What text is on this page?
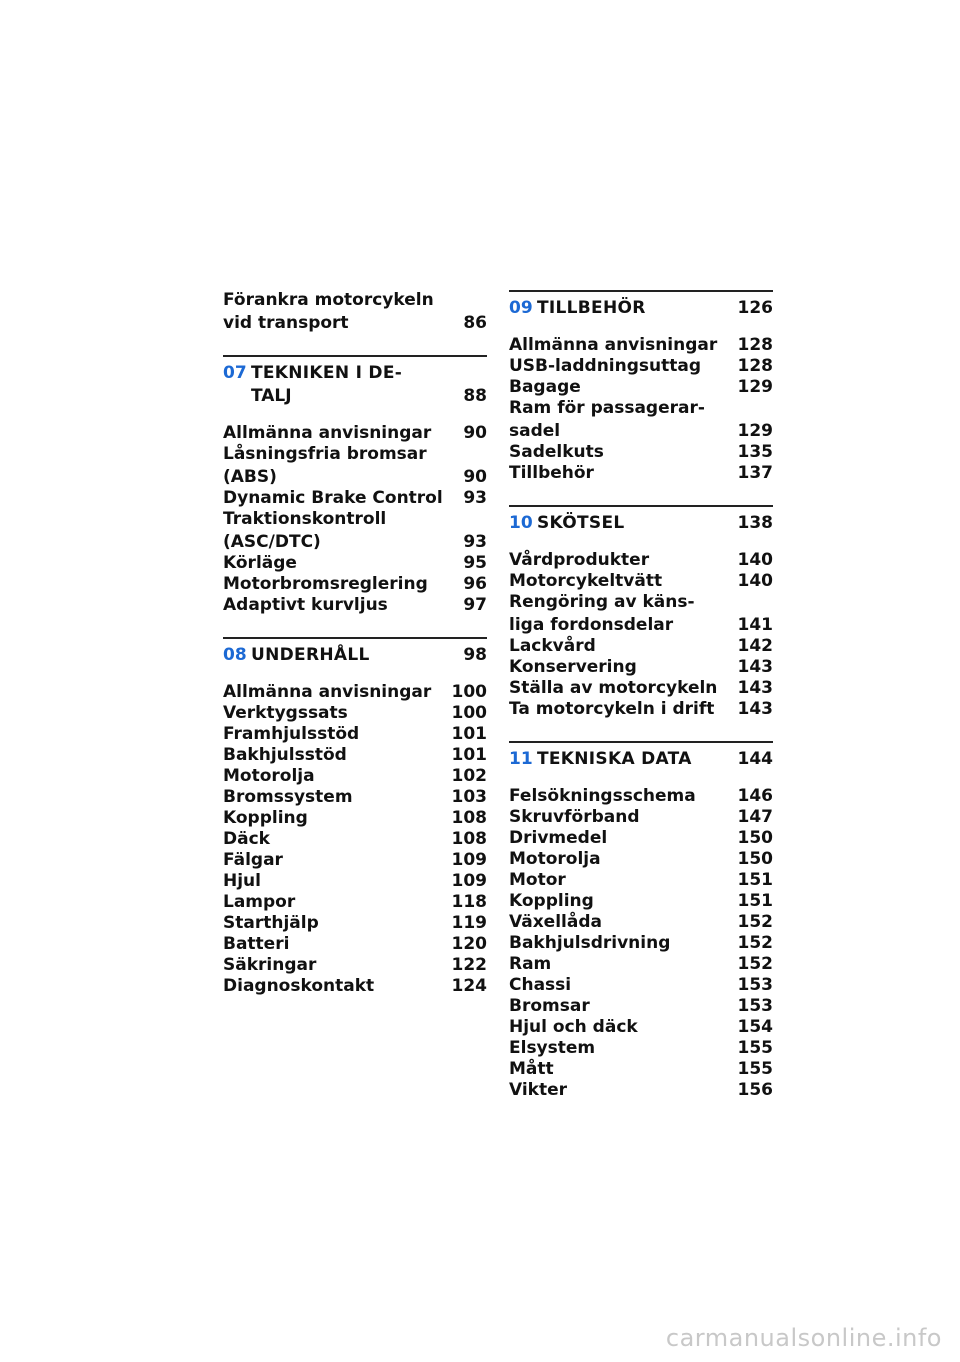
Förankra motorcykeln
vid transport	86
07 TEKNIKEN I DE-
TALJ	88
Allmänna anvisningar 90
Låsningsfria bromsar
(ABS)	90
Dynamic Brake Control 93
Traktionskontroll
(ASC/DTC)	93
Körläge	95
Motorbromsreglering 96
Adaptivt kurvljus	97
08 UNDERHÅLL	98
Allmänna anvisningar 100
Verktygssats	100
Framhjulsstöd	101
Bakhjulsstöd	101
Motorolja	102
Bromssystem	103
Koppling	108
Däck	108
Fälgar	109
Hjul	109
Lampor	118
Starthjälp	119
Batteri	120
Säkringar	122
Diagnoskontakt	124
09 TILLBEHÖR	126
Allmänna anvisningar 128
USB-laddningsuttag 128
Bagage	129
Ram för passagerar-
sadel	129
Sadelkuts	135
Tillbehör	137
10 SKÖTSEL	138
Vårdprodukter	140
Motorcykeltvätt	140
Rengöring av käns-
liga fordonsdelar	141
Lackvård	142
Konservering	143
Ställa av motorcykeln 143
Ta motorcykeln i drift 143
11 TEKNISKA DATA	144
Felsökningsschema 146
Skruvförband	147
Drivmedel	150
Motorolja	150
Motor	151
Koppling	151
Växellåda	152
Bakhjulsdrivning	152
Ram	152
Chassi	153
Bromsar	153
Hjul och däck	154
Elsystem	155
Mått	155
Vikter	156
carmanualsonline.info
